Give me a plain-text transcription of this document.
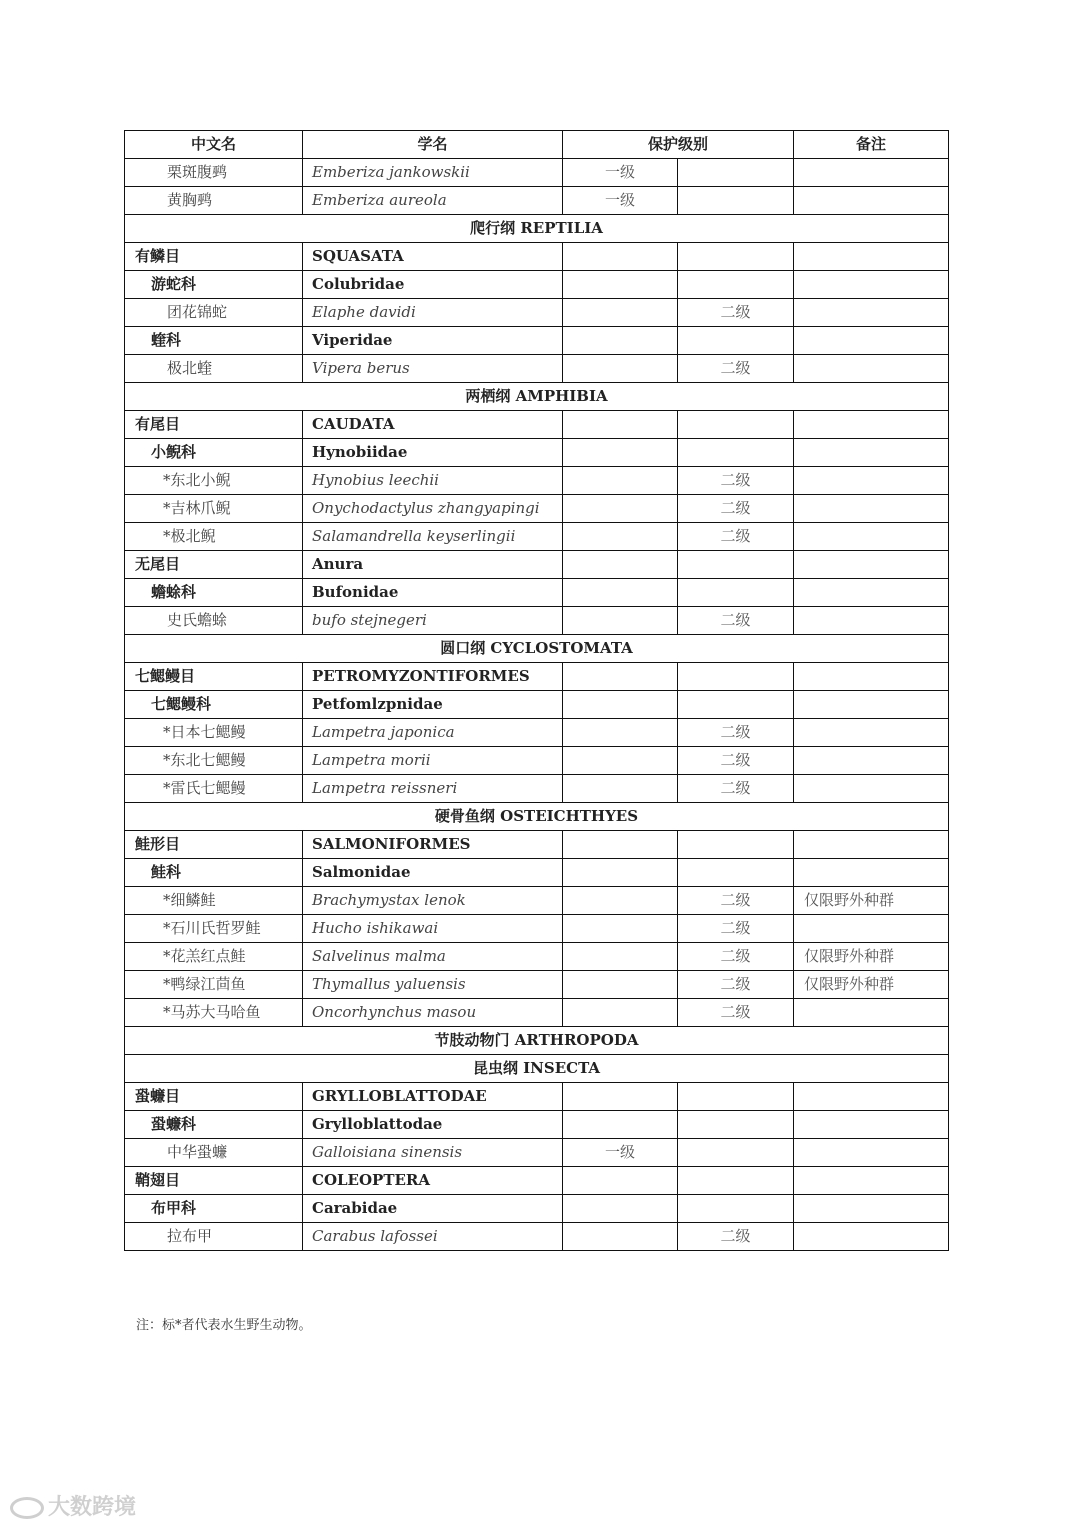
中文名	学名	保护级别		备注
栗斑腹鹀	Emberiza jankowskii	一级		
黄胸鹀	Emberiza aureola	一级		
爬行纲 REPTILIA				
有鳞目	SQUASATA			
游蛇科	Colubridae			
团花锦蛇	Elaphe davidi		二级	
蝰科	Viperidae			
极北蝰	Vipera berus		二级	
两栖纲 AMPHIBIA				
有尾目	CAUDATA			
小鲵科	Hynobiidae			
*东北小鲵	Hynobius leechii		二级	
*吉林爪鲵	Onychodactylus zhangyapingi		二级	
*极北鲵	Salamandrella keyserlingii		二级	
无尾目	Anura			
蟾蜍科	Bufonidae			
史氏蟾蜍	bufo stejnegeri		二级	
圆口纲 CYCLOSTOMATA				
七鳃鳗目	PETROMYZONTIFORMES			
七鳃鳗科	Petfomlzpnidae			
*日本七鳃鳗	Lampetra japonica		二级	
*东北七鳃鳗	Lampetra morii		二级	
*雷氏七鳃鳗	Lampetra reissneri		二级	
硬骨鱼纲 OSTEICHTHYES				
鲑形目	SALMONIFORMES			
鲑科	Salmonidae			
*细鳞鲑	Brachymystax lenok		二级	仅限野外种群
*石川氏哲罗鲑	Hucho ishikawai		二级	
*花羔红点鲑	Salvelinus malma		二级	仅限野外种群
*鸭绿江茴鱼	Thymallus yaluensis		二级	仅限野外种群
*马苏大马哈鱼	Oncorhynchus masou		二级	
节肢动物门 ARTHROPODA				
昆虫纲 INSECTA				
蛩蠊目	GRYLLOBLATTODAE			
蛩蠊科	Grylloblattodae			
中华蛩蠊	Galloisiana sinensis	一级		
鞘翅目	COLEOPTERA			
布甲科	Carabidae			
拉布甲	Carabus lafossei		二级	
注：标*者代表水生野生动物。
大数跨境
